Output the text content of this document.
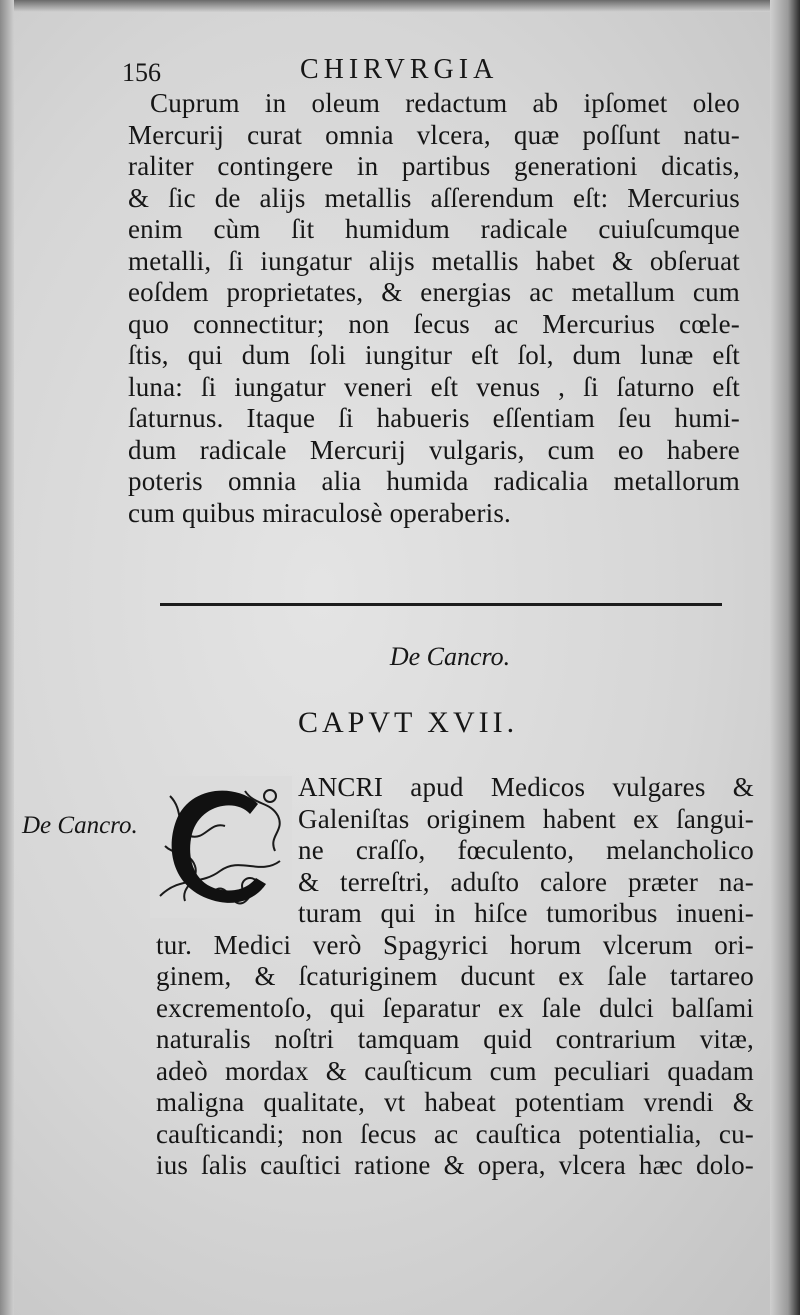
156	CHIRVRGIA
Cuprum in oleum redactum ab ipſomet oleo
Mercurij curat omnia vlcera, quæ poſſunt natu-
raliter contingere in partibus generationi dicatis,
& ſic de alijs metallis aſſerendum eſt: Mercurius
enim cùm ſit humidum radicale cuiuſcumque
metalli, ſi iungatur alijs metallis habet & obſeruat
eoſdem proprietates, & energias ac metallum cum
quo connectitur; non ſecus ac Mercurius cœle-
ſtis, qui dum ſoli iungitur eſt ſol, dum lunæ eſt
luna: ſi iungatur veneri eſt venus , ſi ſaturno eſt
ſaturnus. Itaque ſi habueris eſſentiam ſeu humi-
dum radicale Mercurij vulgaris, cum eo habere
poteris omnia alia humida radicalia metallorum
cum quibus miraculosè operaberis.
De Cancro.
CAPVT XVII.
De Cancro.
ANCRI apud Medicos vulgares &
Galeniſtas originem habent ex ſangui-
ne craſſo, fœculento, melancholico
& terreſtri, aduſto calore præter na-
turam qui in hiſce tumoribus inueni-
tur. Medici verò Spagyrici horum vlcerum ori-
ginem, & ſcaturiginem ducunt ex ſale tartareo
excrementoſo, qui ſeparatur ex ſale dulci balſami
naturalis noſtri tamquam quid contrarium vitæ,
adeò mordax & cauſticum cum peculiari quadam
maligna qualitate, vt habeat potentiam vrendi &
cauſticandi; non ſecus ac cauſtica potentialia, cu-
ius ſalis cauſtici ratione & opera, vlcera hæc dolo-
